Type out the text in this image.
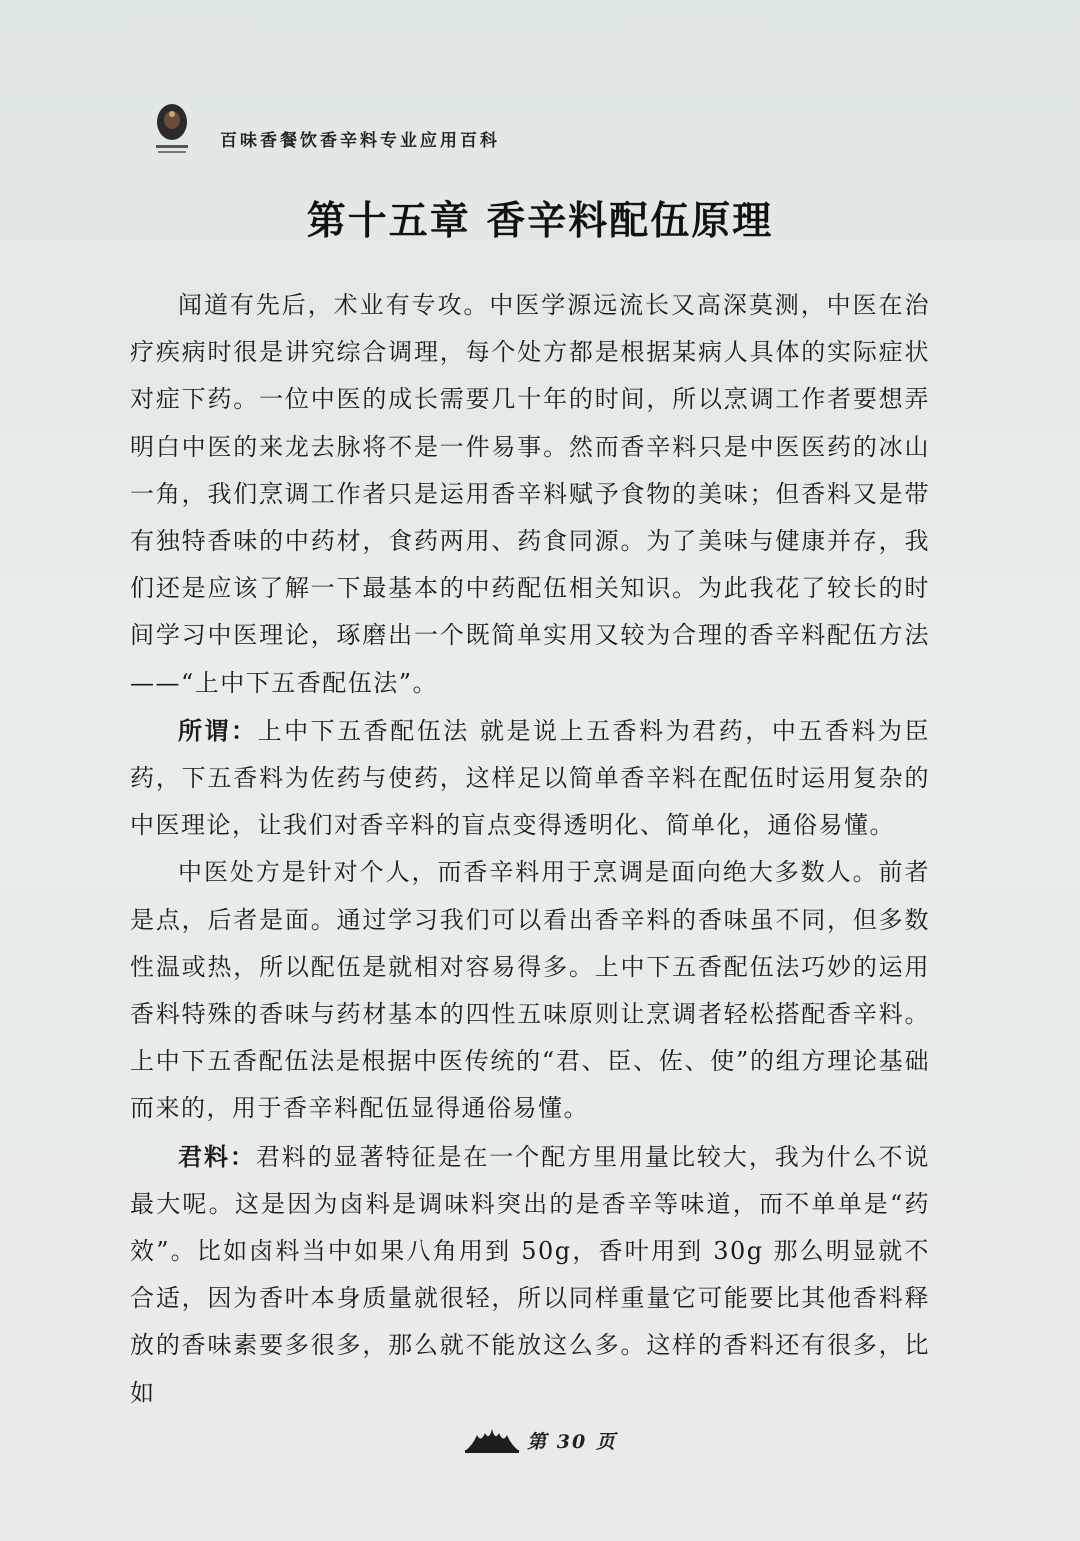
百味香餐饮香辛料专业应用百科
第十五章 香辛料配伍原理

闻道有先后，术业有专攻。中医学源远流长又高深莫测，中医在治疗疾病时很是讲究综合调理，每个处方都是根据某病人具体的实际症状对症下药。一位中医的成长需要几十年的时间，所以烹调工作者要想弄明白中医的来龙去脉将不是一件易事。然而香辛料只是中医医药的冰山一角，我们烹调工作者只是运用香辛料赋予食物的美味；但香料又是带有独特香味的中药材，食药两用、药食同源。为了美味与健康并存，我们还是应该了解一下最基本的中药配伍相关知识。为此我花了较长的时间学习中医理论，琢磨出一个既简单实用又较为合理的香辛料配伍方法——“上中下五香配伍法”。

所谓：上中下五香配伍法 就是说上五香料为君药，中五香料为臣药，下五香料为佐药与使药，这样足以简单香辛料在配伍时运用复杂的中医理论，让我们对香辛料的盲点变得透明化、简单化，通俗易懂。

中医处方是针对个人，而香辛料用于烹调是面向绝大多数人。前者是点，后者是面。通过学习我们可以看出香辛料的香味虽不同，但多数性温或热，所以配伍是就相对容易得多。上中下五香配伍法巧妙的运用香料特殊的香味与药材基本的四性五味原则让烹调者轻松搭配香辛料。上中下五香配伍法是根据中医传统的“君、臣、佐、使”的组方理论基础而来的，用于香辛料配伍显得通俗易懂。

君料：君料的显著特征是在一个配方里用量比较大，我为什么不说最大呢。这是因为卤料是调味料突出的是香辛等味道，而不单单是“药效”。比如卤料当中如果八角用到 50g，香叶用到 30g 那么明显就不合适，因为香叶本身质量就很轻，所以同样重量它可能要比其他香料释放的香味素要多很多，那么就不能放这么多。这样的香料还有很多，比如

第 30 页
